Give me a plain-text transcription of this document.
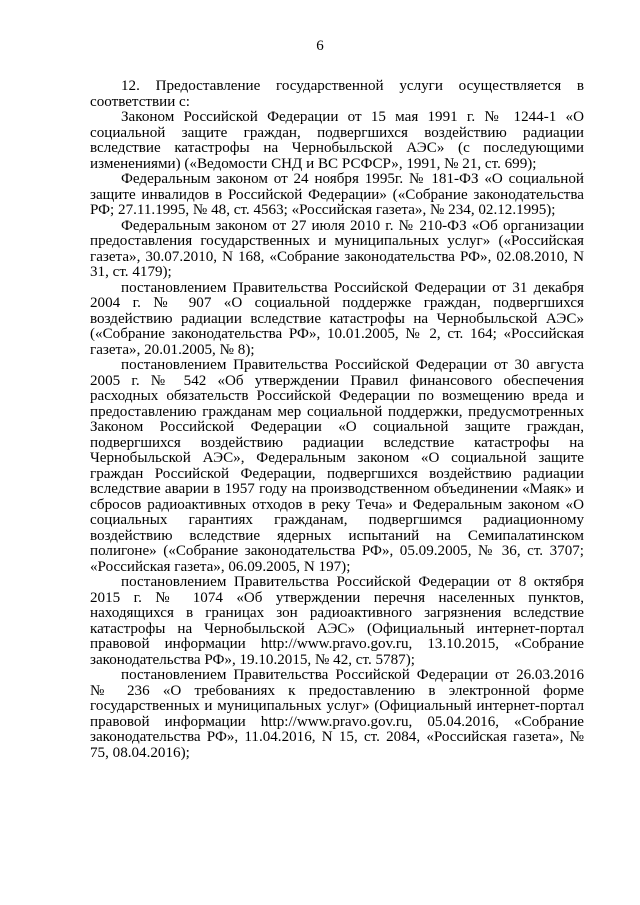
6

12. Предоставление государственной услуги осуществляется в соответствии с:

Законом Российской Федерации от 15 мая 1991 г. № 1244-1 «О социальной защите граждан, подвергшихся воздействию радиации вследствие катастрофы на Чернобыльской АЭС» (с последующими изменениями) («Ведомости СНД и ВС РСФСР», 1991, № 21, ст. 699);

Федеральным законом от 24 ноября 1995г. № 181-ФЗ «О социальной защите инвалидов в Российской Федерации» («Собрание законодательства РФ; 27.11.1995, № 48, ст. 4563; «Российская газета», № 234, 02.12.1995);

Федеральным законом от 27 июля 2010 г. № 210-ФЗ «Об организации предоставления государственных и муниципальных услуг» («Российская газета», 30.07.2010, N 168, «Собрание законодательства РФ», 02.08.2010, N 31, ст. 4179);

постановлением Правительства Российской Федерации от 31 декабря 2004 г. № 907 «О социальной поддержке граждан, подвергшихся воздействию радиации вследствие катастрофы на Чернобыльской АЭС» («Собрание законодательства РФ», 10.01.2005, № 2, ст. 164; «Российская газета», 20.01.2005, № 8);

постановлением Правительства Российской Федерации от 30 августа 2005 г. № 542 «Об утверждении Правил финансового обеспечения расходных обязательств Российской Федерации по возмещению вреда и предоставлению гражданам мер социальной поддержки, предусмотренных Законом Российской Федерации «О социальной защите граждан, подвергшихся воздействию радиации вследствие катастрофы на Чернобыльской АЭС», Федеральным законом «О социальной защите граждан Российской Федерации, подвергшихся воздействию радиации вследствие аварии в 1957 году на производственном объединении «Маяк» и сбросов радиоактивных отходов в реку Теча» и Федеральным законом «О социальных гарантиях гражданам, подвергшимся радиационному воздействию вследствие ядерных испытаний на Семипалатинском полигоне» («Собрание законодательства РФ», 05.09.2005, № 36, ст. 3707; «Российская газета», 06.09.2005, N 197);

постановлением Правительства Российской Федерации от 8 октября 2015 г. № 1074 «Об утверждении перечня населенных пунктов, находящихся в границах зон радиоактивного загрязнения вследствие катастрофы на Чернобыльской АЭС» (Официальный интернет-портал правовой информации http://www.pravo.gov.ru, 13.10.2015, «Собрание законодательства РФ», 19.10.2015, № 42, ст. 5787);

постановлением Правительства Российской Федерации от 26.03.2016 № 236 «О требованиях к предоставлению в электронной форме государственных и муниципальных услуг» (Официальный интернет-портал правовой информации http://www.pravo.gov.ru, 05.04.2016, «Собрание законодательства РФ», 11.04.2016, N 15, ст. 2084, «Российская газета», № 75, 08.04.2016);
